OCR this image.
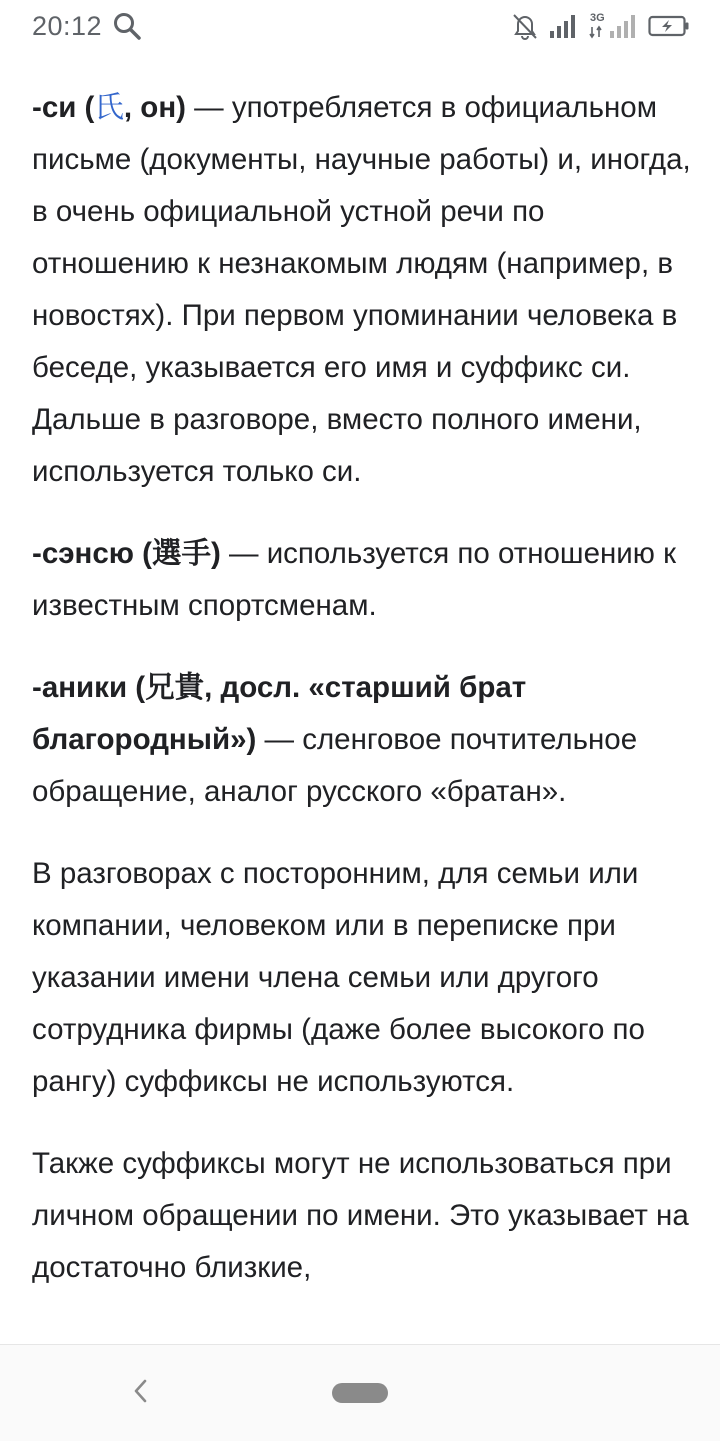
20:12	3G

-си (氏, он) — употребляется в официальном письме (документы, научные работы) и, иногда, в очень официальной устной речи по отношению к незнакомым людям (например, в новостях). При первом упоминании человека в беседе, указывается его имя и суффикс си. Дальше в разговоре, вместо полного имени, используется только си.

-сэнсю (選手) — используется по отношению к известным спортсменам.

-аники (兄貴, досл. «старший брат благородный») — сленговое почтительное обращение, аналог русского «братан».

В разговорах с посторонним, для семьи или компании, человеком или в переписке при указании имени члена семьи или другого сотрудника фирмы (даже более высокого по рангу) суффиксы не используются.

Также суффиксы могут не использоваться при личном обращении по имени. Это указывает на достаточно близкие,
